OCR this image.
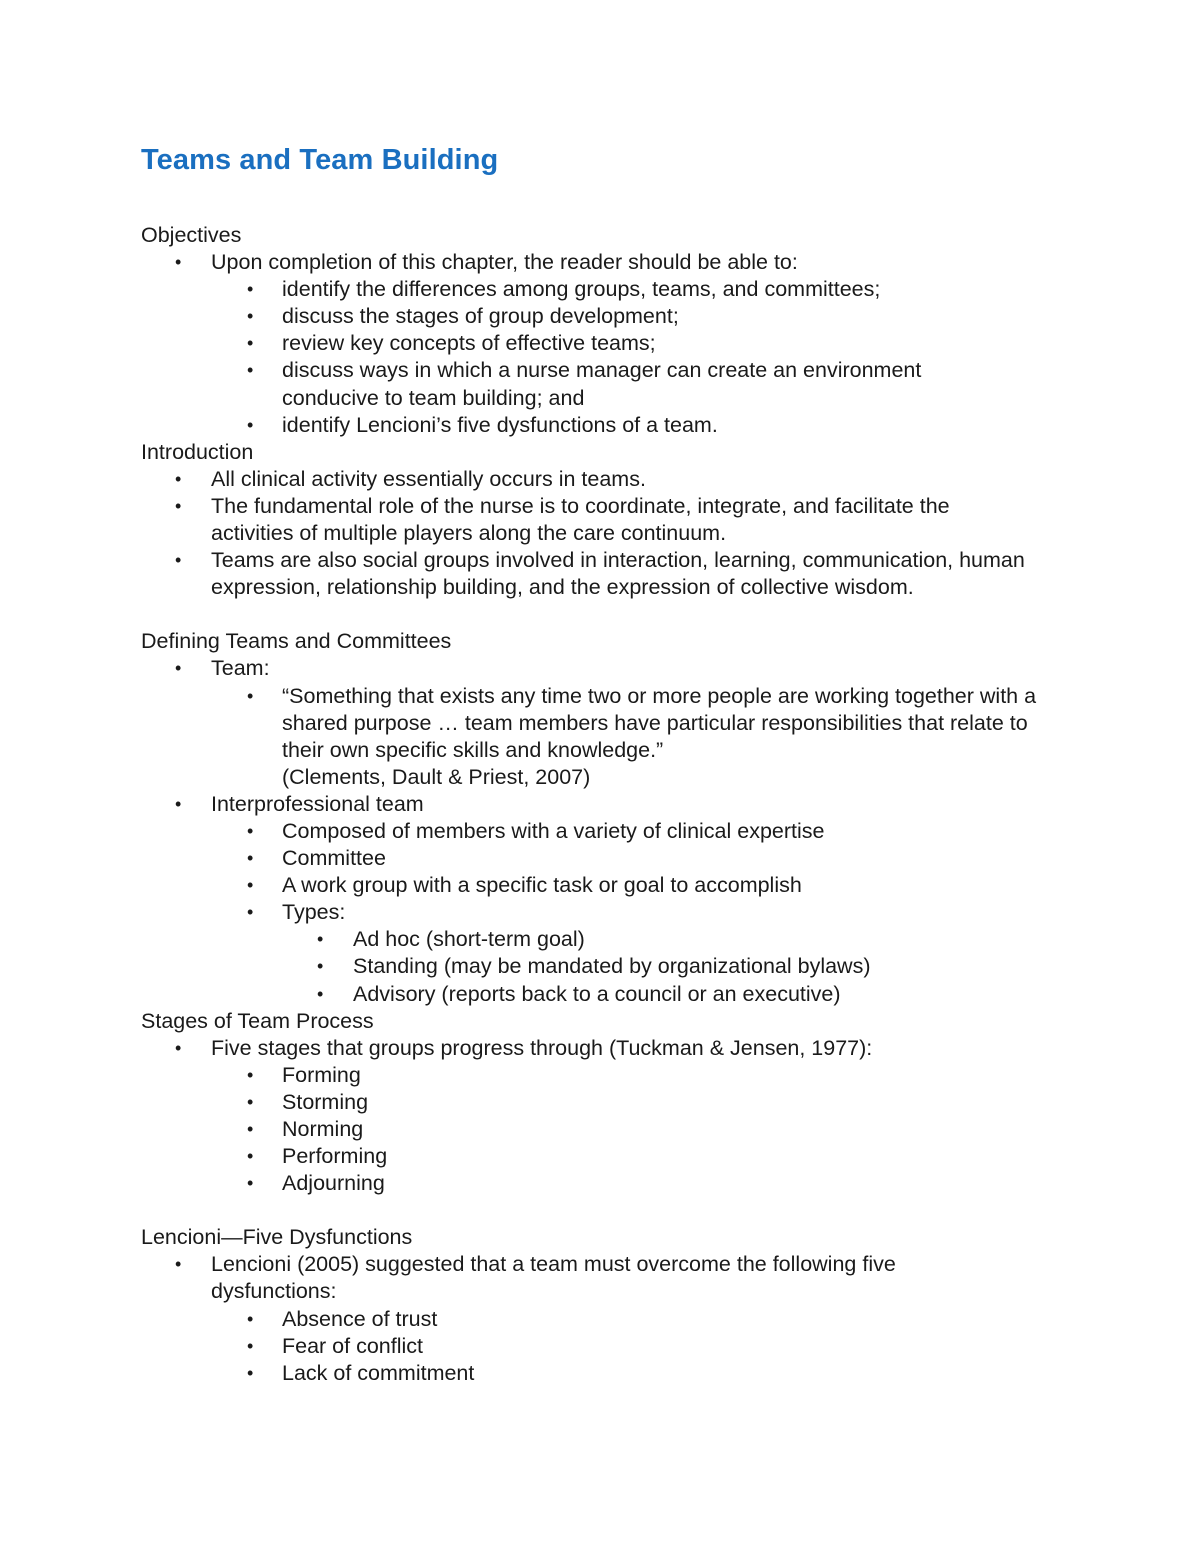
Teams and Team Building
Objectives
• Upon completion of this chapter, the reader should be able to:
• identify the differences among groups, teams, and committees;
• discuss the stages of group development;
• review key concepts of effective teams;
• discuss ways in which a nurse manager can create an environment conducive to team building; and
• identify Lencioni’s five dysfunctions of a team.
Introduction
• All clinical activity essentially occurs in teams.
• The fundamental role of the nurse is to coordinate, integrate, and facilitate the activities of multiple players along the care continuum.
• Teams are also social groups involved in interaction, learning, communication, human expression, relationship building, and the expression of collective wisdom.
Defining Teams and Committees
• Team:
• “Something that exists any time two or more people are working together with a shared purpose … team members have particular responsibilities that relate to their own specific skills and knowledge.”
(Clements, Dault & Priest, 2007)
• Interprofessional team
• Composed of members with a variety of clinical expertise
• Committee
• A work group with a specific task or goal to accomplish
• Types:
• Ad hoc (short-term goal)
• Standing (may be mandated by organizational bylaws)
• Advisory (reports back to a council or an executive)
Stages of Team Process
• Five stages that groups progress through (Tuckman & Jensen, 1977):
• Forming
• Storming
• Norming
• Performing
• Adjourning
Lencioni—Five Dysfunctions
• Lencioni (2005) suggested that a team must overcome the following five dysfunctions:
• Absence of trust
• Fear of conflict
• Lack of commitment
